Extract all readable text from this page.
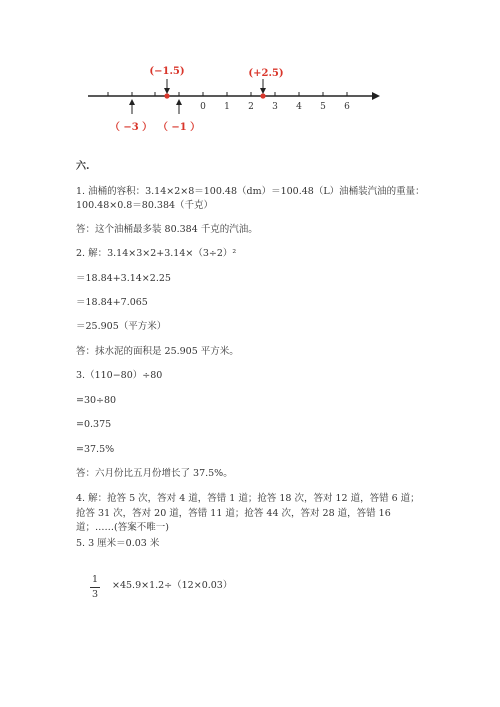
0 1 2 3 4 5 6
(−1.5)	(+2.5)
（ −3 ） （ −1 ）
六.
1. 油桶的容积：3.14×2×8＝100.48（dm）＝100.48（L）油桶装汽油的重量：
100.48×0.8＝80.384（千克）
答：这个油桶最多装 80.384 千克的汽油。
2. 解：3.14×3×2+3.14×（3÷2）²
＝18.84+3.14×2.25
＝18.84+7.065
＝25.905（平方米）
答：抹水泥的面积是 25.905 平方米。
3.（110−80）÷80
=30÷80
=0.375
=37.5%
答：六月份比五月份增长了 37.5%。
4. 解：抢答 5 次，答对 4 道，答错 1 道；抢答 18 次，答对 12 道，答错 6 道；
抢答 31 次，答对 20 道，答错 11 道；抢答 44 次，答对 28 道，答错 16
道；……(答案不唯一)
5. 3 厘米＝0.03 米
1
3
×45.9×1.2÷（12×0.03）
